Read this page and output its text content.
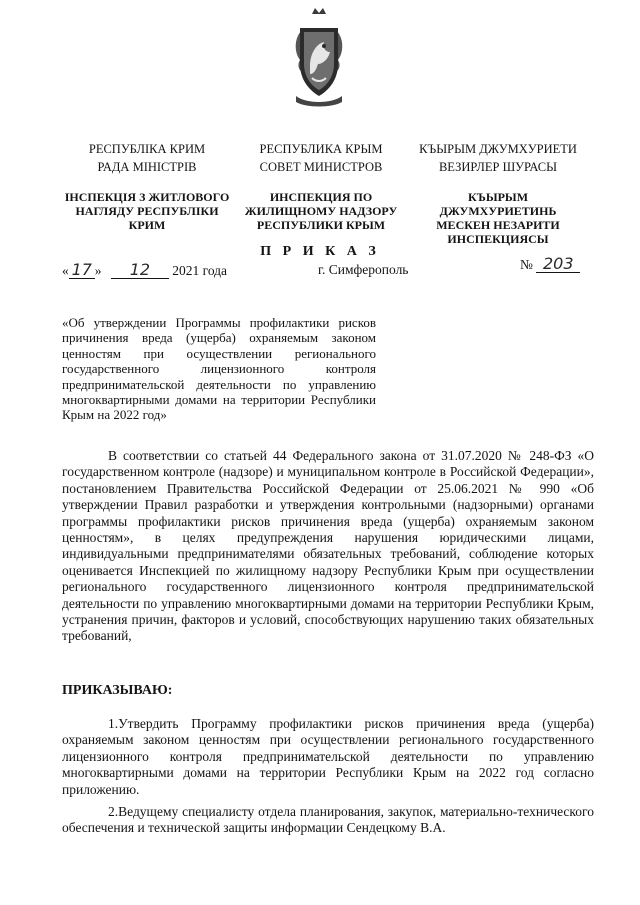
РЕСПУБЛІКА КРИМ
РАДА МІНІСТРІВ
ІНСПЕКЦІЯ З ЖИТЛОВОГО
НАГЛЯДУ РЕСПУБЛІКИ
КРИМ
РЕСПУБЛИКА КРЫМ
СОВЕТ МИНИСТРОВ
ИНСПЕКЦИЯ ПО
ЖИЛИЩНОМУ НАДЗОРУ
РЕСПУБЛИКИ КРЫМ
КЪЫРЫМ ДЖУМХУРИЕТИ
ВЕЗИРЛЕР ШУРАСЫ
КЪЫРЫМ ДЖУМХУРИЕТИНЬ
МЕСКЕН НЕЗАРИТИ
ИНСПЕКЦИЯСЫ
П Р И К А З
« 17 » 12 2021 года	г. Симферополь	№ 203
«Об утверждении Программы профилактики рисков причинения вреда (ущерба) охраняемым законом ценностям при осуществлении регионального государственного лицензионного контроля предпринимательской деятельности по управлению многоквартирными домами на территории Республики Крым на 2022 год»
В соответствии со статьей 44 Федерального закона от 31.07.2020 № 248-ФЗ «О государственном контроле (надзоре) и муниципальном контроле в Российской Федерации», постановлением Правительства Российской Федерации от 25.06.2021 № 990 «Об утверждении Правил разработки и утверждения контрольными (надзорными) органами программы профилактики рисков причинения вреда (ущерба) охраняемым законом ценностям», в целях предупреждения нарушения юридическими лицами, индивидуальными предпринимателями обязательных требований, соблюдение которых оценивается Инспекцией по жилищному надзору Республики Крым при осуществлении регионального государственного лицензионного контроля предпринимательской деятельности по управлению многоквартирными домами на территории Республики Крым, устранения причин, факторов и условий, способствующих нарушению таких обязательных требований,
ПРИКАЗЫВАЮ:
1.Утвердить Программу профилактики рисков причинения вреда (ущерба) охраняемым законом ценностям при осуществлении регионального государственного лицензионного контроля предпринимательской деятельности по управлению многоквартирными домами на территории Республики Крым на 2022 год согласно приложению.
2.Ведущему специалисту отдела планирования, закупок, материально-технического обеспечения и технической защиты информации Сендецкому В.А.
